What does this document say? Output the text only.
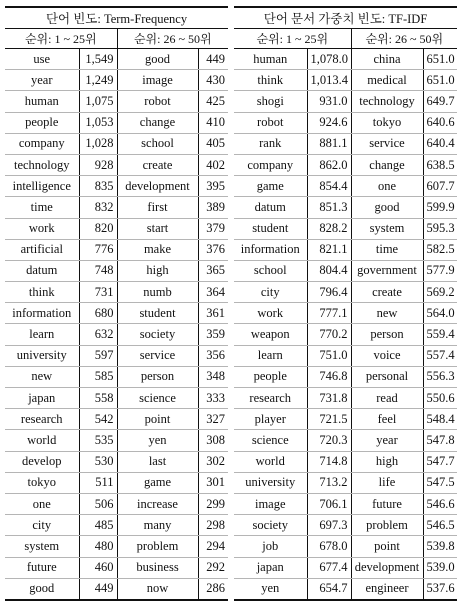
단어 빈도: Term-Frequency			
순위: 1 ~ 25위		순위: 26 ~ 50위	
use	1,549	good	449
year	1,249	image	430
human	1,075	robot	425
people	1,053	change	410
company	1,028	school	405
technology	928	create	402
intelligence	835	development	395
time	832	first	389
work	820	start	379
artificial	776	make	376
datum	748	high	365
think	731	numb	364
information	680	student	361
learn	632	society	359
university	597	service	356
new	585	person	348
japan	558	science	333
research	542	point	327
world	535	yen	308
develop	530	last	302
tokyo	511	game	301
one	506	increase	299
city	485	many	298
system	480	problem	294
future	460	business	292
good	449	now	286
단어 문서 가중치 빈도: TF-IDF			
순위: 1 ~ 25위		순위: 26 ~ 50위	
human	1,078.0	china	651.0
think	1,013.4	medical	651.0
shogi	931.0	technology	649.7
robot	924.6	tokyo	640.6
rank	881.1	service	640.4
company	862.0	change	638.5
game	854.4	one	607.7
datum	851.3	good	599.9
student	828.2	system	595.3
information	821.1	time	582.5
school	804.4	government	577.9
city	796.4	create	569.2
work	777.1	new	564.0
weapon	770.2	person	559.4
learn	751.0	voice	557.4
people	746.8	personal	556.3
research	731.8	read	550.6
player	721.5	feel	548.4
science	720.3	year	547.8
world	714.8	high	547.7
university	713.2	life	547.5
image	706.1	future	546.6
society	697.3	problem	546.5
job	678.0	point	539.8
japan	677.4	development	539.0
yen	654.7	engineer	537.6
